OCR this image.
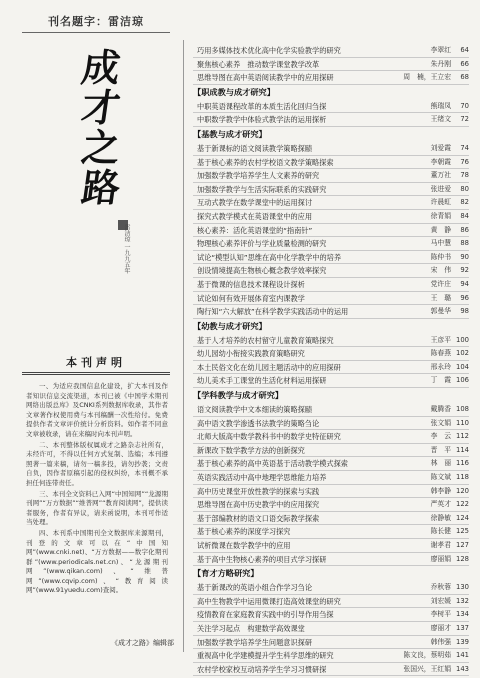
刊名题字：雷洁琼
成
才
之
路
雷洁琼 一九九五年
本刊声明

一、为适应我国信息化建设，扩大本刊及作者知识信息交流渠道，本刊已被《中国学术期刊网络出版总库》及CNKI系列数据库收录，其作者文章著作权使用费与本刊稿酬一次性给付。免费提供作者文章评价统计分析资料。如作者不同意文章被收录，请在来稿时向本刊声明。

二、本刊整体版权属成才之路杂志社所有，未经许可，不得以任何方式复制、选编；本刊遵照著一篇来稿，请勿一稿多投，请勿抄袭；文责自负，因作者原稿引起的侵权纠纷，本刊概不承担任何连带责任。

三、本刊全文资料已入网“中国知网”“龙源期刊网”“万方数据”“维普网”“教育阅读网”，提供读者服务，作者有异议，请来函说明，本刊可作适当处理。

四、本刊系中国期刊全文数据库来源期刊，刊登的文章可以在“中国知网”(www.cnki.net)、“万方数据——数字化期刊群”(www.periodicals.net.cn)、“龙源期刊网”(www.qikan.com)、“维普网”(www.cqvip.com)、“教育阅读网”(www.91yuedu.com)查阅。

《成才之路》编辑部
巧用多媒体技术优化高中化学实验教学的研究	李翠红	64
聚焦核心素养　推动数学课堂教学改革	朱丹刚	66
思维导图在高中英语阅读教学中的应用探研	周　楠，王立宏	68
【职成教与成才研究】
中职英语课程改革的本质生活化回归刍探	熊瑞凤	70
中职数学教学中体验式教学法的运用探析	王绪文	72
【基教与成才研究】
基于新课标的语文阅读教学策略探赜	刘爱霞	74
基于核心素养的农村学校语文教学策略探索	李朝霞	76
加强数学教学培养学生人文素养的研究	董万社	78
加强数学教学与生活实际联系的实践研究	张进爱	80
互动式教学在数学课堂中的运用探讨	许晨虹	82
探究式教学模式在英语课堂中的应用	徐青娟	84
核心素养：活化英语课堂的“指南针”	黄　静	86
物理核心素养评价与学业质量检测的研究	马中慧	88
试论“模型认知”思维在高中化学教学中的培养	陈仲书	90
创设情境提高生物核心概念教学效率探究	宋　伟	92
基于微课的信息技术课程设计探析	党许庄	94
试论如何有效开展体育室内课教学	王　璐	96
陶行知“六大解放”在科学教学实践活动中的运用	郭曼华	98
【幼教与成才研究】
基于人才培养的农村留守儿童教育策略探究	王彦平 100
幼儿园幼小衔接实践教育策略研究	陈春燕 102
本土民俗文化在幼儿园主题活动中的应用探研	邢永玲 104
幼儿美术手工课堂的生活化材料运用探研	丁　霞 106
【学科教学与成才研究】
语文阅读教学中文本细读的策略探赜	戴腾香 108
高中语文教学渗透书法教学的策略刍论	张文娟 110
北师大版高中数学教科书中的数学史特征研究	李　云 112
新课改下数学教学方法的创新探究	晋　平 114
基于核心素养的高中英语基于活动教学模式探索	林　丽 116
英语实践活动中高中地理学思维能力培养	陈文斌 118
高中历史课堂开放性教学的探索与实践	韩李静 120
思维导图在高中历史教学中的应用探究	严英才 122
基于部编教材的语文口语交际教学探索	徐静敏 124
基于核心素养的深度学习探究	陈长健 125
试析微课在数学教学中的应用	谢孝君 127
基于高中生物核心素养的项目式学习探研	廖丽娟 128
【育才方略研究】
基于新课改的英语小组合作学习刍论	乔秋蓉 130
高中生物教学中运用微课打造高效课堂的研究	刘宏媛 132
疫情教育在家庭教育实践中的引导作用刍探	李树平 134
关注学习起点　构建数学高效课堂	廖丽才 137
加强数学教学培养学生问题意识探研	韩伟强 139
重视高中化学建模提升学生科学思维的研究	陈文良，蔡明茹 141
农村学校家校互动培养学生学习习惯研探	张国兴，王红娟 143
